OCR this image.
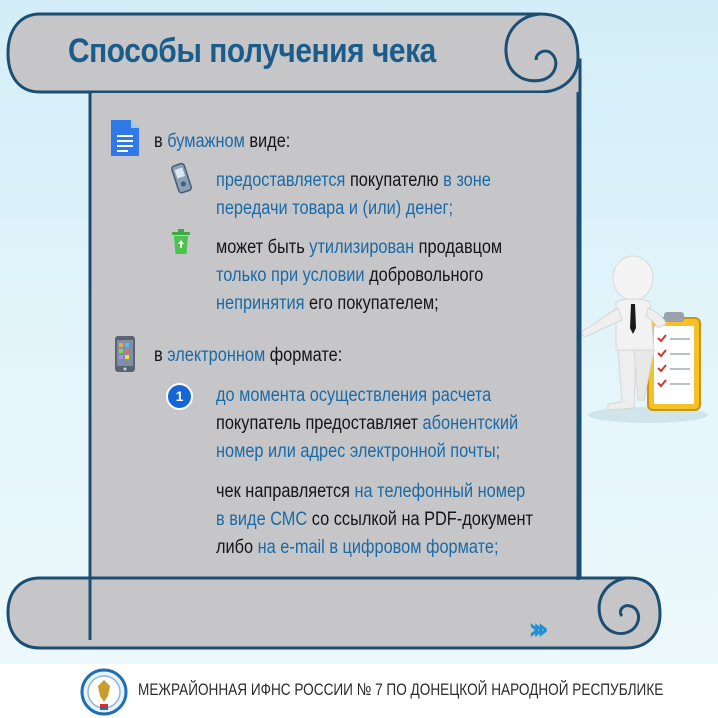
Способы получения чека
в бумажном виде:
предоставляется покупателю в зоне
передачи товара и (или) денег;
может быть утилизирован продавцом
только при условии добровольного
непринятия его покупателем;
в электронном формате:
1	до момента осуществления расчета
покупатель предоставляет абонентский
номер или адрес электронной почты;
чек направляется на телефонный номер
в виде СМС со ссылкой на PDF-документ
либо на e-mail в цифровом формате;
›››
МЕЖРАЙОННАЯ ИФНС РОССИИ № 7 ПО ДОНЕЦКОЙ НАРОДНОЙ РЕСПУБЛИКЕ
